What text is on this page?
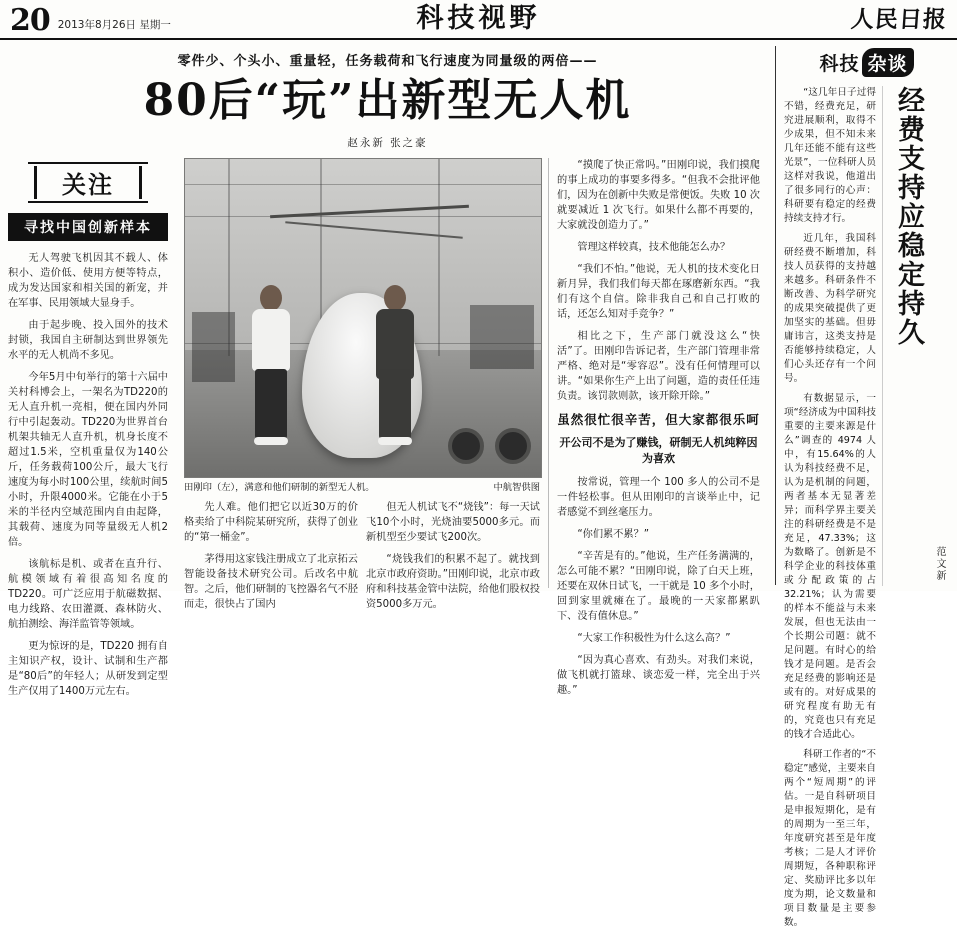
20 2013年8月26日 星期一	科技视野	人民日报
零件少、个头小、重量轻，任务载荷和飞行速度为同量级的两倍——
80后“玩”出新型无人机
赵永新 张之豪
关注
寻找中国创新样本

无人驾驶飞机因其不载人、体积小、造价低、使用方便等特点，成为发达国家和相关国的新宠，并在军事、民用领域大显身手。

由于起步晚、投入国外的技术封锁，我国自主研制达到世界领先水平的无人机尚不多见。

今年5月中旬举行的第十六届中关村科博会上，一架名为TD220的无人直升机一亮相，便在国内外同行中引起轰动。TD220为世界首台机架共轴无人直升机，机身长度不超过1.5米，空机重量仅为140公斤，任务载荷100公斤，最大飞行速度为每小时100公里，续航时间5小时，升限4000米。它能在小于5米的半径内空域范围内自由起降，其载荷、速度为同等量级无人机2倍。

该航标是机、或者在直升行、航模领域有着很高知名度的TD220。可广泛应用于航磁数据、电力线路、农田灌溉、森林防火、航拍测绘、海洋监管等领域。

更为惊讶的是，TD220 拥有自主知识产权，设计、试制和生产都是“80后”的年轻人；从研发到定型生产仅用了1400万元左右。

田刚印（左），满意和他们研制的新型无人机。	中航智供图

先人难。他们把它以近30万的价格卖给了中科院某研究所，获得了创业的“第一桶金”。

茅得用这家钱注册成立了北京拓云智能设备技术研究公司。后改名中航智。之后，他们研制的飞控器名气不胫而走，很快占了国内

但无人机试飞不“烧钱”：每一天试飞10个小时，光烧油要5000多元。而新机型至少要试飞200次。

“烧钱我们的积累不起了。就找到北京市政府资助。”田刚印说，北京市政府和科技基金管中法院，给他们股权投资5000多万元。

“摸爬了快正常吗。”田刚印说，我们摸爬的事上成功的事要多得多。“但我不会批评他们，因为在创新中失败是常便饭。失败 10 次就要减近 1 次飞行。如果什么都不再要的，大家就没创造力了。”

管理这样较真，技术他能怎么办？

“我们不怕。”他说，无人机的技术变化日新月异，我们我们每天都在琢磨新东西。“我们有这个自信。除非我自己和自己打败的话，还怎么知对手竞争？”

相比之下，生产部门就没这么“快活”了。田刚印告诉记者，生产部门管理非常严格、绝对是“零容忍”。没有任何情理可以讲。“如果你生产上出了问题，造的责任任违负责。该罚款则款，该开除开除。”

虽然很忙很辛苦，但大家都很乐呵
开公司不是为了赚钱，研制无人机纯粹因为喜欢

按常说，管理一个 100 多人的公司不是一件轻松事。但从田刚印的言谈举止中，记者感觉不到丝毫压力。

“你们累不累？”

“辛苦是有的。”他说，生产任务满满的，怎么可能不累？“田刚印说，除了白天上班，还要在双休日试飞，一干就是 10 多个小时，回到家里就瘫在了。最晚的一天家都累趴下、没有值休息。”

“大家工作积极性为什么这么高？”

“因为真心喜欢、有劲头。对我们来说，做飞机就打篮球、谈恋爱一样，完全出于兴趣。”

科技 杂谈

“这几年日子过得不错，经费充足，研究进展顺利，取得不少成果，但不知未来几年还能不能有这些光景”，一位科研人员这样对我说，他道出了很多同行的心声：科研要有稳定的经费持续支持才行。

近几年，我国科研经费不断增加，科技人员获得的支持越来越多。科研条件不断改善、为科学研究的成果突破提供了更加坚实的基础。但毋庸讳言，这类支持是否能够持续稳定，人们心头还存有一个问号。

有数据显示，一项“经济成为中国科技重要的主要来源是什么”调查的 4974 人中，有15.64%的人认为科技经费不足，认为是机制的问题，两者基本无显著差异；而科学界主要关注的科研经费是不是充足，47.33%；这为数略了。创新是不科学企业的科技体重或分配政策的占 32.21%；认为需要的样本不能益与未来发展，但也无法由一个长期公司题：就不足问题。有时心的给钱才是问题。是否会充足经费的影响还是或有的。对好成果的研究程度有助无有的，究竟也只有充足的钱才合适此心。

科研工作者的“不稳定”感觉，主要来自两个“短周期”的评估。一是自科研项目是申报短期化，是有的周期为一至三年，年度研究甚至是年度考核；二是人才评价周期短，各种职称评定、奖励评比多以年度为期，论文数量和项目数量是主要参数。

经费支持应稳定持久
范文新
